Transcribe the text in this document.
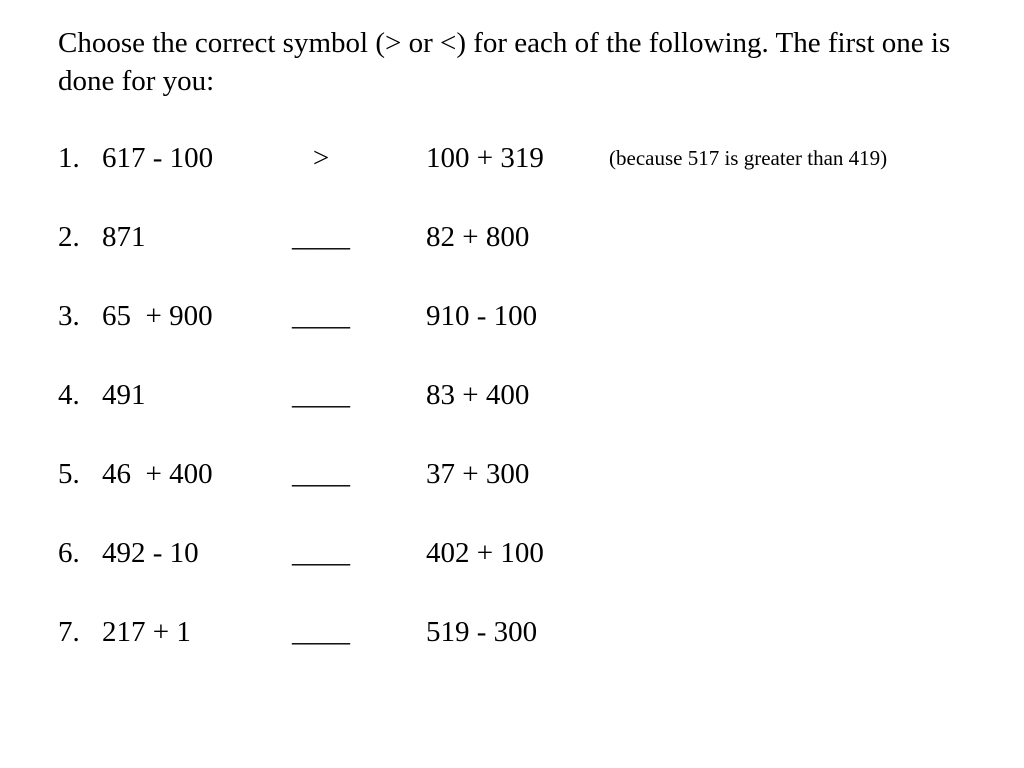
Choose the correct symbol (> or <) for each of the following. The first one is done for you:

1. 617 - 100	>	100 + 319	(because 517 is greater than 419)
2. 871	____	82 + 800
3. 65  + 900	____	910 - 100
4. 491	____	83 + 400
5. 46  + 400	____	37 + 300
6. 492 - 10	____	402 + 100
7. 217 + 1	____	519 - 300
